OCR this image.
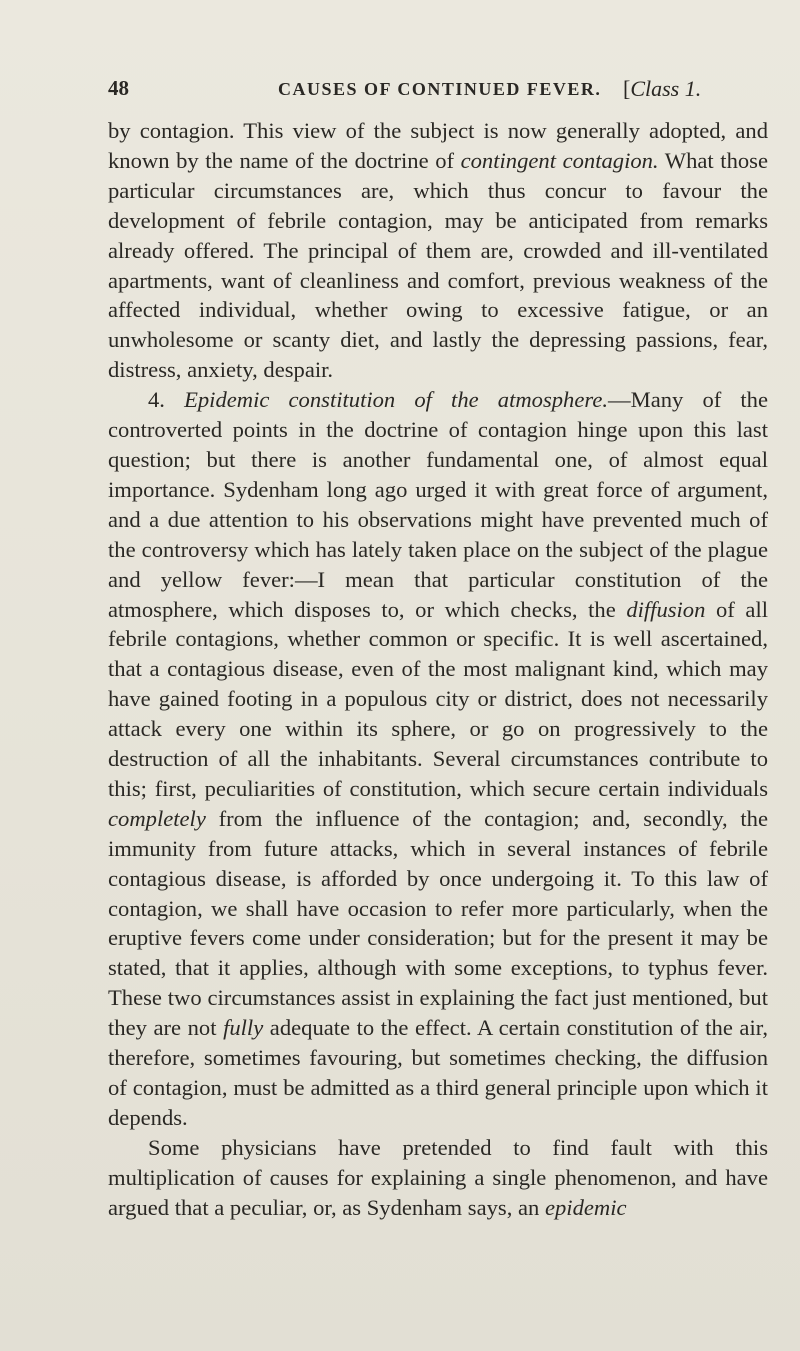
48	CAUSES OF CONTINUED FEVER. [Class 1.

by contagion. This view of the subject is now generally adopted, and known by the name of the doctrine of contingent contagion. What those particular circumstances are, which thus concur to favour the development of febrile contagion, may be anticipated from remarks already offered. The principal of them are, crowded and ill-ventilated apartments, want of cleanliness and comfort, previous weakness of the affected individual, whether owing to excessive fatigue, or an unwholesome or scanty diet, and lastly the depressing passions, fear, distress, anxiety, despair.

4. Epidemic constitution of the atmosphere.—Many of the controverted points in the doctrine of contagion hinge upon this last question; but there is another fundamental one, of almost equal importance. Sydenham long ago urged it with great force of argument, and a due attention to his observations might have prevented much of the controversy which has lately taken place on the subject of the plague and yellow fever:—I mean that particular constitution of the atmosphere, which disposes to, or which checks, the diffusion of all febrile contagions, whether common or specific. It is well ascertained, that a contagious disease, even of the most malignant kind, which may have gained footing in a populous city or district, does not necessarily attack every one within its sphere, or go on progressively to the destruction of all the inhabitants. Several circumstances contribute to this; first, peculiarities of constitution, which secure certain individuals completely from the influence of the contagion; and, secondly, the immunity from future attacks, which in several instances of febrile contagious disease, is afforded by once undergoing it. To this law of contagion, we shall have occasion to refer more particularly, when the eruptive fevers come under consideration; but for the present it may be stated, that it applies, although with some exceptions, to typhus fever. These two circumstances assist in explaining the fact just mentioned, but they are not fully adequate to the effect. A certain constitution of the air, therefore, sometimes favouring, but sometimes checking, the diffusion of contagion, must be admitted as a third general principle upon which it depends.

Some physicians have pretended to find fault with this multiplication of causes for explaining a single phenomenon, and have argued that a peculiar, or, as Sydenham says, an epidemic
